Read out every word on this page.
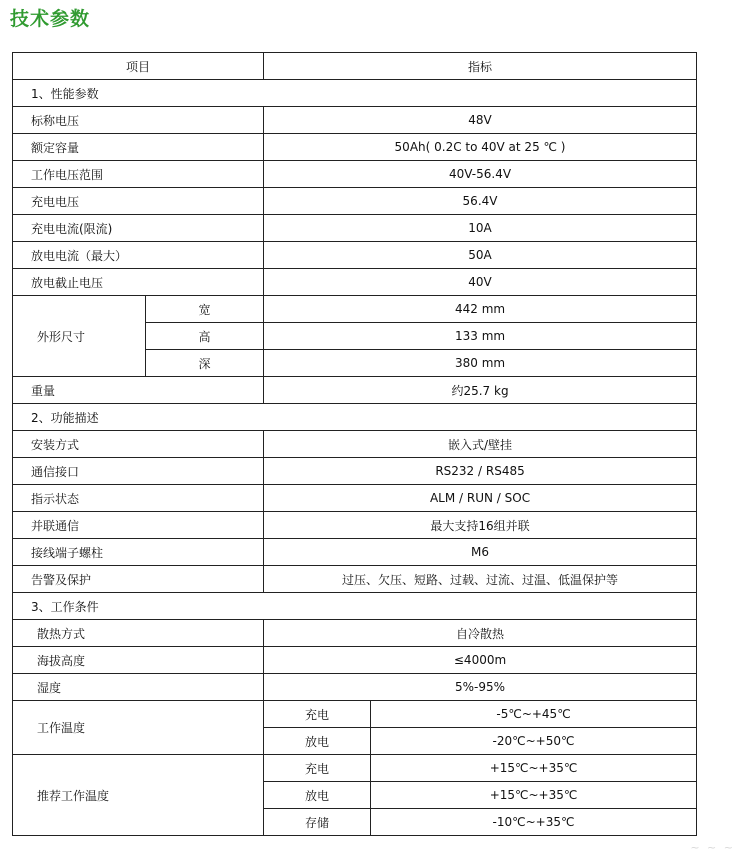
技术参数
项目		指标	
1、性能参数			
标称电压		48V	
额定容量		50Ah( 0.2C to 40V at 25 ℃ )	
工作电压范围		40V-56.4V	
充电电压		56.4V	
充电电流(限流)		10A	
放电电流（最大）		50A	
放电截止电压		40V	
外形尺寸	宽	442 mm	
	高	133 mm	
	深	380 mm	
重量		约25.7 kg	
2、功能描述			
安装方式		嵌入式/壁挂	
通信接口		RS232 / RS485	
指示状态		ALM / RUN / SOC	
并联通信		最大支持16组并联	
接线端子螺柱		M6	
告警及保护		过压、欠压、短路、过载、过流、过温、低温保护等	
3、工作条件			
散热方式		自冷散热	
海拔高度		≤4000m	
湿度		5%-95%	
工作温度		充电	-5℃~+45℃
		放电	-20℃~+50℃
推荐工作温度		充电	+15℃~+35℃
		放电	+15℃~+35℃
		存储	-10℃~+35℃
~ ~ ~
